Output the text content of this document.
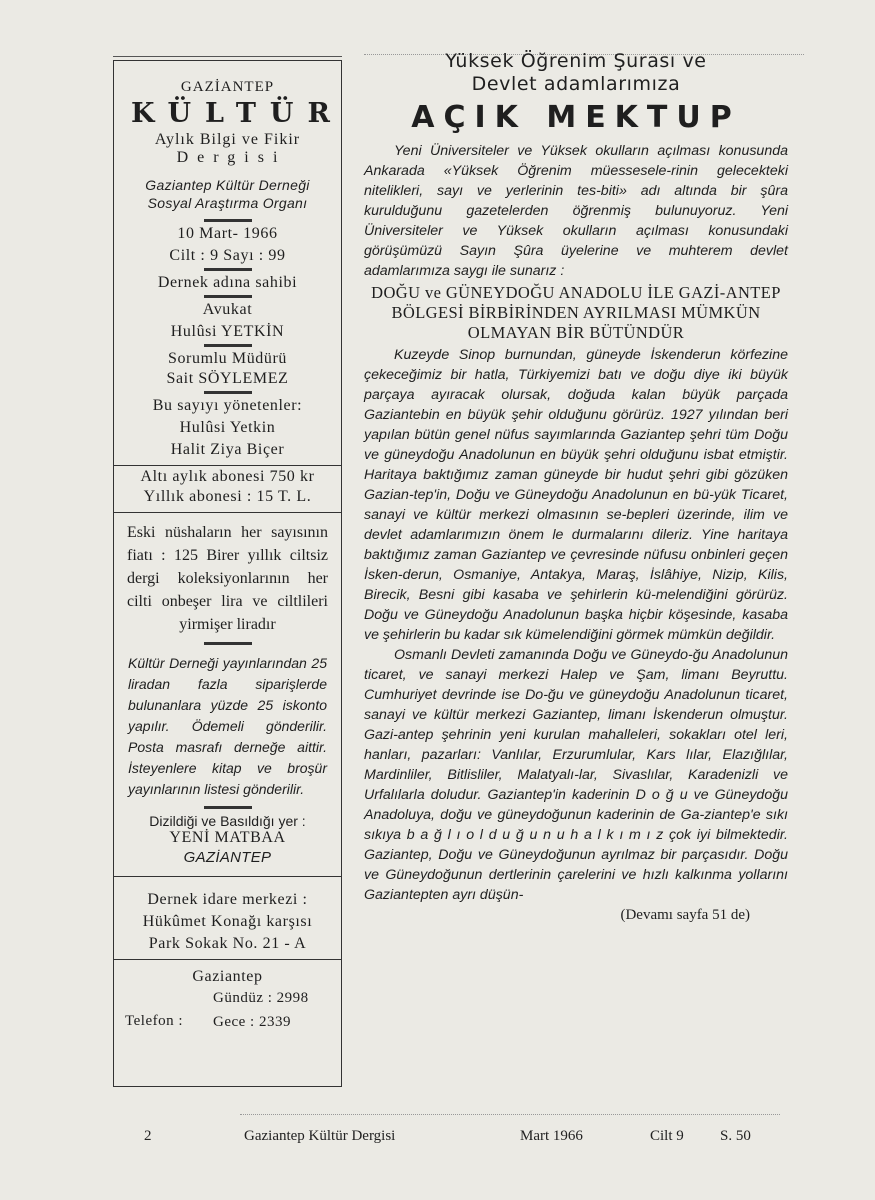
GAZİANTEP
KÜLTÜR
Aylık Bilgi ve Fikir
Dergisi
Gaziantep Kültür Derneği
Sosyal Araştırma Organı
10 Mart- 1966
Cilt : 9 Sayı : 99
Dernek adına sahibi
Avukat
Hulûsi YETKİN
Sorumlu Müdürü
Sait SÖYLEMEZ
Bu sayıyı yönetenler:
Hulûsi Yetkin
Halit Ziya Biçer
Altı aylık abonesi 750 kr
Yıllık abonesi : 15 T. L.
Eski nüshaların her sayısının fiatı : 125 Birer yıllık ciltsiz dergi koleksiyonlarının her cilti onbeşer lira ve ciltlileri yirmişer liradır
Kültür Derneği yayınlarından 25 liradan fazla siparişlerde bulunanlara yüzde 25 iskonto yapılır. Ödemeli gönderilir. Posta masrafı derneğe aittir. İsteyenlere kitap ve broşür yayınlarının listesi gönderilir.
Dizildiği ve Basıldığı yer :
YENİ MATBAA
GAZİANTEP
Dernek idare merkezi :
Hükûmet Konağı karşısı
Park Sokak No. 21 - A
Gaziantep
Telefon :
Gündüz : 2998
Gece : 2339
Yüksek Öğrenim Şurası ve
Devlet adamlarımıza
AÇIK MEKTUP

Yeni Üniversiteler ve Yüksek okulların açılması konusunda Ankarada «Yüksek Öğrenim müessesele-rinin gelecekteki nitelikleri, sayı ve yerlerinin tes-biti» adı altında bir şûra kurulduğunu gazetelerden öğrenmiş bulunuyoruz. Yeni Üniversiteler ve Yüksek okulların açılması konusundaki görüşümüzü Sayın Şûra üyelerine ve muhterem devlet adamlarımıza saygı ile sunarız :

DOĞU ve GÜNEYDOĞU ANADOLU İLE GAZİ-ANTEP BÖLGESİ BİRBİRİNDEN AYRILMASI MÜMKÜN OLMAYAN BİR BÜTÜNDÜR

Kuzeyde Sinop burnundan, güneyde İskenderun körfezine çekeceğimiz bir hatla, Türkiyemizi batı ve doğu diye iki büyük parçaya ayıracak olursak, doğuda kalan büyük parçada Gaziantebin en büyük şehir olduğunu görürüz. 1927 yılından beri yapılan bütün genel nüfus sayımlarında Gaziantep şehri tüm Doğu ve güneydoğu Anadolunun en büyük şehri olduğunu isbat etmiştir. Haritaya baktığımız zaman güneyde bir hudut şehri gibi gözüken Gazian-tep'in, Doğu ve Güneydoğu Anadolunun en bü-yük Ticaret, sanayi ve kültür merkezi olmasının se-bepleri üzerinde, ilim ve devlet adamlarımızın önem le durmalarını dileriz. Yine haritaya baktığımız zaman Gaziantep ve çevresinde nüfusu onbinleri geçen İsken-derun, Osmaniye, Antakya, Maraş, İslâhiye, Nizip, Kilis, Birecik, Besni gibi kasaba ve şehirlerin kü-melendiğini görürüz. Doğu ve Güneydoğu Anadolunun başka hiçbir köşesinde, kasaba ve şehirlerin bu kadar sık kümelendiğini görmek mümkün değildir.

Osmanlı Devleti zamanında Doğu ve Güneydo-ğu Anadolunun ticaret, ve sanayi merkezi Halep ve Şam, limanı Beyruttu. Cumhuriyet devrinde ise Do-ğu ve güneydoğu Anadolunun ticaret, sanayi ve kültür merkezi Gaziantep, limanı İskenderun olmuştur. Gazi-antep şehrinin yeni kurulan mahalleleri, sokakları otel leri, hanları, pazarları: Vanlılar, Erzurumlular, Kars lılar, Elazığlılar, Mardinliler, Bitlisliler, Malatyalı-lar, Sivaslılar, Karadenizli ve Urfalılarla doludur. Gaziantep'in kaderinin D o ğ u ve Güneydoğu Anadoluya, doğu ve güneydoğunun kaderinin de Ga-ziantep'e sıkı sıkıya b a ğ l ı o l d u ğ u n u h a l k ı m ı z çok iyi bilmektedir. Gaziantep, Doğu ve Güneydoğunun ayrılmaz bir parçasıdır. Doğu ve Güneydoğunun dertlerinin çarelerini ve hızlı kalkınma yollarını Gaziantepten ayrı düşün-

(Devamı sayfa 51 de)
2	Gaziantep Kültür Dergisi	Mart 1966	Cilt 9 S. 50
